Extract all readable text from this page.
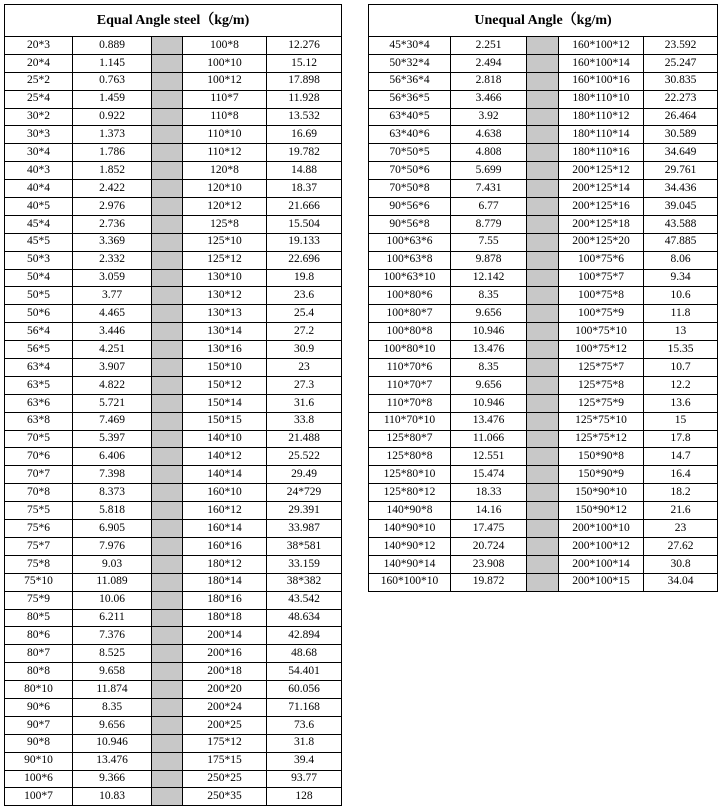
Equal Angle steel（kg/m)				
20*3	0.889		100*8	12.276
20*4	1.145		100*10	15.12
25*2	0.763		100*12	17.898
25*4	1.459		110*7	11.928
30*2	0.922		110*8	13.532
30*3	1.373		110*10	16.69
30*4	1.786		110*12	19.782
40*3	1.852		120*8	14.88
40*4	2.422		120*10	18.37
40*5	2.976		120*12	21.666
45*4	2.736		125*8	15.504
45*5	3.369		125*10	19.133
50*3	2.332		125*12	22.696
50*4	3.059		130*10	19.8
50*5	3.77		130*12	23.6
50*6	4.465		130*13	25.4
56*4	3.446		130*14	27.2
56*5	4.251		130*16	30.9
63*4	3.907		150*10	23
63*5	4.822		150*12	27.3
63*6	5.721		150*14	31.6
63*8	7.469		150*15	33.8
70*5	5.397		140*10	21.488
70*6	6.406		140*12	25.522
70*7	7.398		140*14	29.49
70*8	8.373		160*10	24*729
75*5	5.818		160*12	29.391
75*6	6.905		160*14	33.987
75*7	7.976		160*16	38*581
75*8	9.03		180*12	33.159
75*10	11.089		180*14	38*382
75*9	10.06		180*16	43.542
80*5	6.211		180*18	48.634
80*6	7.376		200*14	42.894
80*7	8.525		200*16	48.68
80*8	9.658		200*18	54.401
80*10	11.874		200*20	60.056
90*6	8.35		200*24	71.168
90*7	9.656		200*25	73.6
90*8	10.946		175*12	31.8
90*10	13.476		175*15	39.4
100*6	9.366		250*25	93.77
100*7	10.83		250*35	128
Unequal Angle（kg/m)				
45*30*4	2.251		160*100*12	23.592
50*32*4	2.494		160*100*14	25.247
56*36*4	2.818		160*100*16	30.835
56*36*5	3.466		180*110*10	22.273
63*40*5	3.92		180*110*12	26.464
63*40*6	4.638		180*110*14	30.589
70*50*5	4.808		180*110*16	34.649
70*50*6	5.699		200*125*12	29.761
70*50*8	7.431		200*125*14	34.436
90*56*6	6.77		200*125*16	39.045
90*56*8	8.779		200*125*18	43.588
100*63*6	7.55		200*125*20	47.885
100*63*8	9.878		100*75*6	8.06
100*63*10	12.142		100*75*7	9.34
100*80*6	8.35		100*75*8	10.6
100*80*7	9.656		100*75*9	11.8
100*80*8	10.946		100*75*10	13
100*80*10	13.476		100*75*12	15.35
110*70*6	8.35		125*75*7	10.7
110*70*7	9.656		125*75*8	12.2
110*70*8	10.946		125*75*9	13.6
110*70*10	13.476		125*75*10	15
125*80*7	11.066		125*75*12	17.8
125*80*8	12.551		150*90*8	14.7
125*80*10	15.474		150*90*9	16.4
125*80*12	18.33		150*90*10	18.2
140*90*8	14.16		150*90*12	21.6
140*90*10	17.475		200*100*10	23
140*90*12	20.724		200*100*12	27.62
140*90*14	23.908		200*100*14	30.8
160*100*10	19.872		200*100*15	34.04
